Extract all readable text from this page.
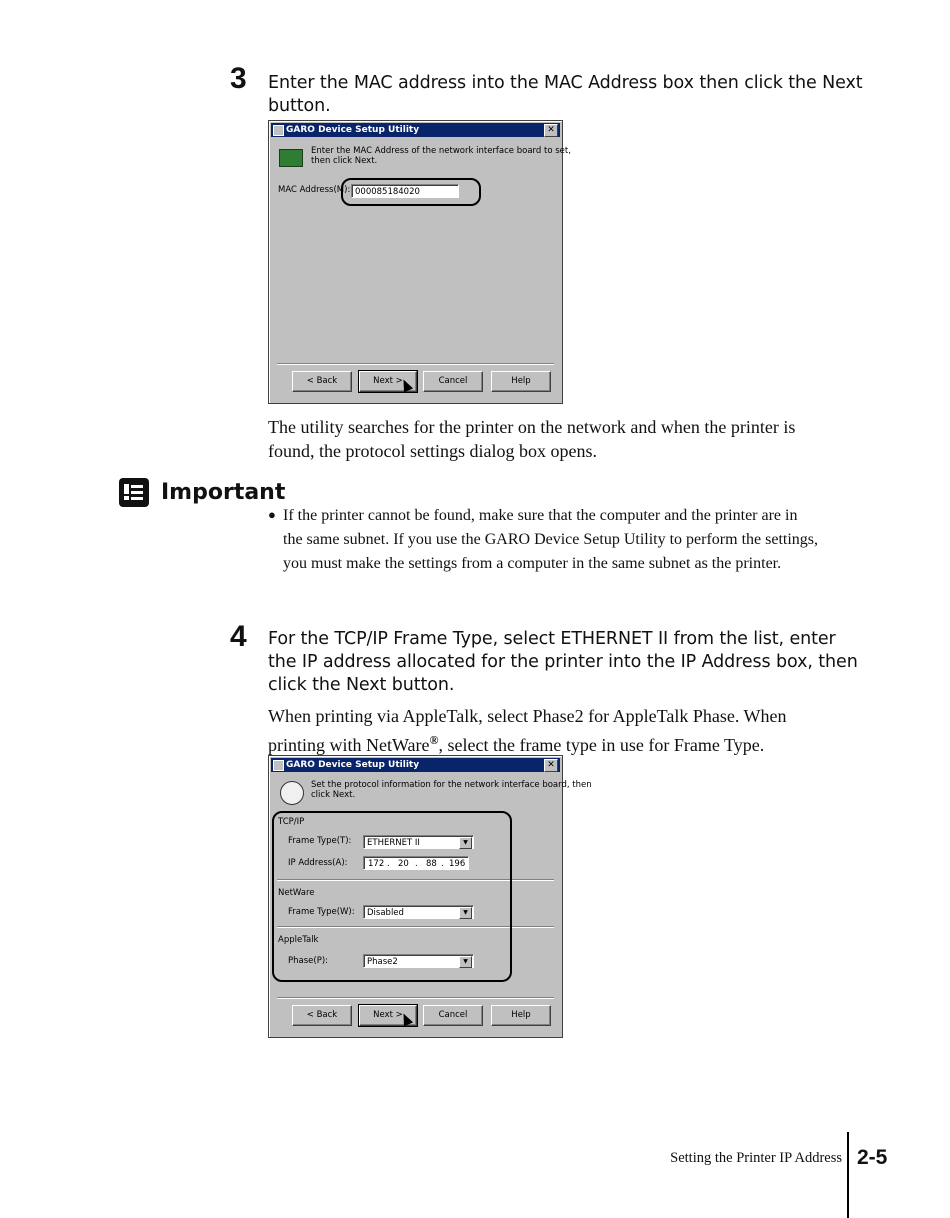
3 Enter the MAC address into the MAC Address box then click the Next
button.
GARO Device Setup Utility	✕
Enter the MAC Address of the network interface board to set,
then click Next.
MAC Address(M): 000085184020
< Back	Next >	Cancel	Help
The utility searches for the printer on the network and when the printer is
found, the protocol settings dialog box opens.
Important
● If the printer cannot be found, make sure that the computer and the printer are in
the same subnet. If you use the GARO Device Setup Utility to perform the settings,
you must make the settings from a computer in the same subnet as the printer.
4 For the TCP/IP Frame Type, select ETHERNET II from the list, enter
the IP address allocated for the printer into the IP Address box, then
click the Next button.
When printing via AppleTalk, select Phase2 for AppleTalk Phase. When
printing with NetWare®, select the frame type in use for Frame Type.
GARO Device Setup Utility	✕
Set the protocol information for the network interface board, then
click Next.
TCP/IP
Frame Type(T):	ETHERNET II	▼
IP Address(A): 172 . 20 . 88 . 196
NetWare
Frame Type(W):	Disabled	▼
AppleTalk
Phase(P):	Phase2	▼
< Back	Next >	Cancel	Help
Setting the Printer IP Address 2-5
